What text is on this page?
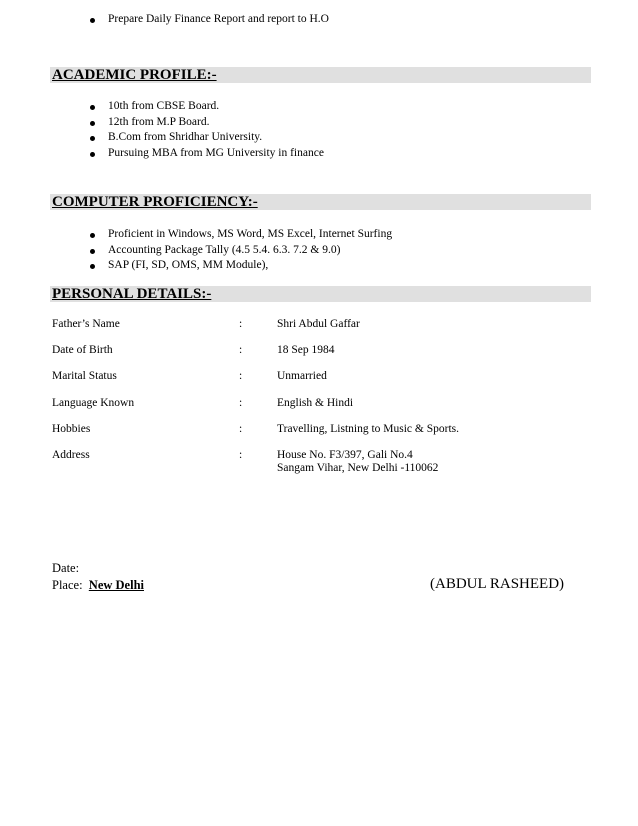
Prepare Daily Finance Report and report to H.O
ACADEMIC PROFILE:-
10th from CBSE Board.
12th from M.P Board.
B.Com from Shridhar University.
Pursuing MBA from MG University in finance
COMPUTER PROFICIENCY:-
Proficient in Windows, MS Word, MS Excel, Internet Surfing
Accounting Package Tally (4.5 5.4. 6.3. 7.2 & 9.0)
SAP (FI, SD, OMS, MM Module),
PERSONAL DETAILS:-
Father’s Name	:	Shri Abdul Gaffar
Date of Birth	:	18 Sep 1984
Marital Status	:	Unmarried
Language Known	:	English & Hindi
Hobbies	:	Travelling, Listning to Music & Sports.
Address	:	House No. F3/397, Gali No.4
Sangam Vihar, New Delhi -110062
Date:
Place: New Delhi	(ABDUL RASHEED)
